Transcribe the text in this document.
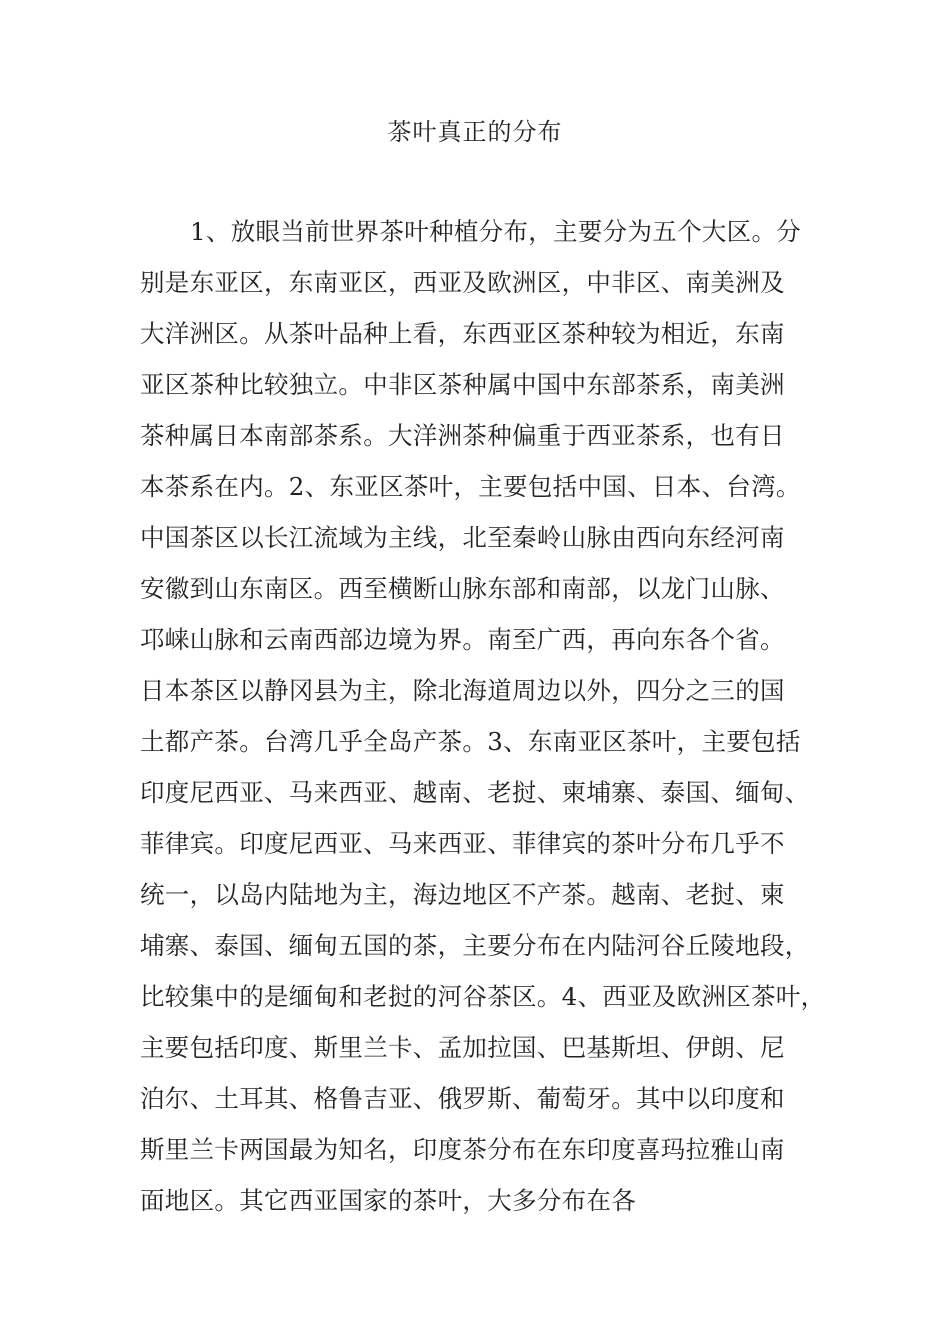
茶叶真正的分布
1、放眼当前世界茶叶种植分布，主要分为五个大区。分
别是东亚区，东南亚区，西亚及欧洲区，中非区、南美洲及
大洋洲区。从茶叶品种上看，东西亚区茶种较为相近，东南
亚区茶种比较独立。中非区茶种属中国中东部茶系，南美洲
茶种属日本南部茶系。大洋洲茶种偏重于西亚茶系，也有日
本茶系在内。2、东亚区茶叶，主要包括中国、日本、台湾。
中国茶区以长江流域为主线，北至秦岭山脉由西向东经河南
安徽到山东南区。西至横断山脉东部和南部，以龙门山脉、
邛崃山脉和云南西部边境为界。南至广西，再向东各个省。
日本茶区以静冈县为主，除北海道周边以外，四分之三的国
土都产茶。台湾几乎全岛产茶。3、东南亚区茶叶，主要包括
印度尼西亚、马来西亚、越南、老挝、柬埔寨、泰国、缅甸、
菲律宾。印度尼西亚、马来西亚、菲律宾的茶叶分布几乎不
统一，以岛内陆地为主，海边地区不产茶。越南、老挝、柬
埔寨、泰国、缅甸五国的茶，主要分布在内陆河谷丘陵地段，
比较集中的是缅甸和老挝的河谷茶区。4、西亚及欧洲区茶叶，
主要包括印度、斯里兰卡、孟加拉国、巴基斯坦、伊朗、尼
泊尔、土耳其、格鲁吉亚、俄罗斯、葡萄牙。其中以印度和
斯里兰卡两国最为知名，印度茶分布在东印度喜玛拉雅山南
面地区。其它西亚国家的茶叶，大多分布在各
